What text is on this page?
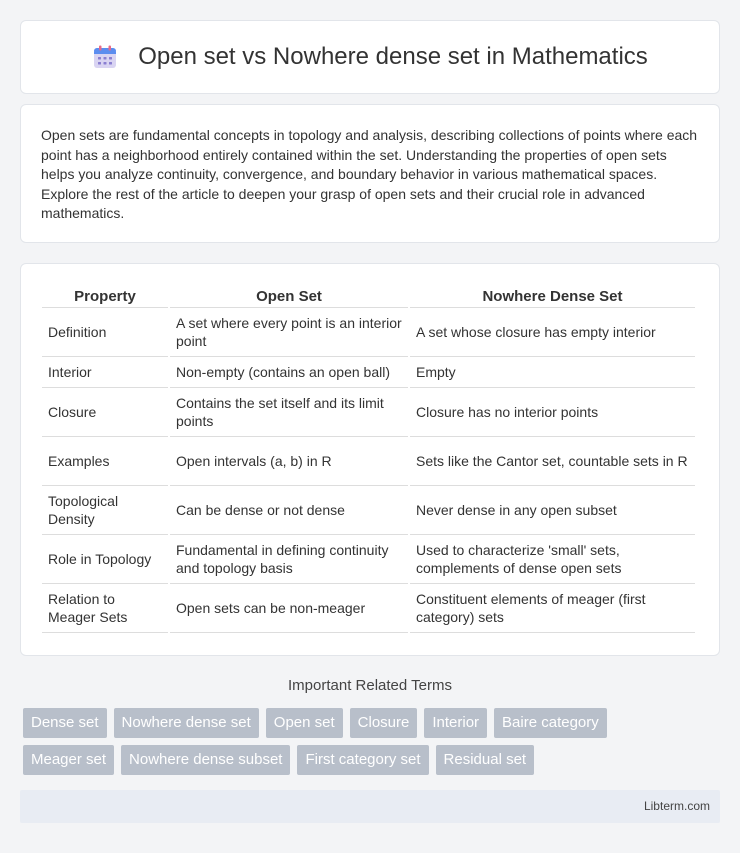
Open set vs Nowhere dense set in Mathematics

Open sets are fundamental concepts in topology and analysis, describing collections of points where each point has a neighborhood entirely contained within the set. Understanding the properties of open sets helps you analyze continuity, convergence, and boundary behavior in various mathematical spaces. Explore the rest of the article to deepen your grasp of open sets and their crucial role in advanced mathematics.

Property	Open Set	Nowhere Dense Set
Definition	A set where every point is an interior point	A set whose closure has empty interior
Interior	Non-empty (contains an open ball)	Empty
Closure	Contains the set itself and its limit points	Closure has no interior points
Examples	Open intervals (a, b) in R	Sets like the Cantor set, countable sets in R
Topological Density	Can be dense or not dense	Never dense in any open subset
Role in Topology	Fundamental in defining continuity and topology basis	Used to characterize 'small' sets, complements of dense open sets
Relation to Meager Sets	Open sets can be non-meager	Constituent elements of meager (first category) sets
Important Related Terms
Dense set	Nowhere dense set	Open set	Closure	Interior	Baire category
Meager set	Nowhere dense subset	First category set	Residual set
Libterm.com
